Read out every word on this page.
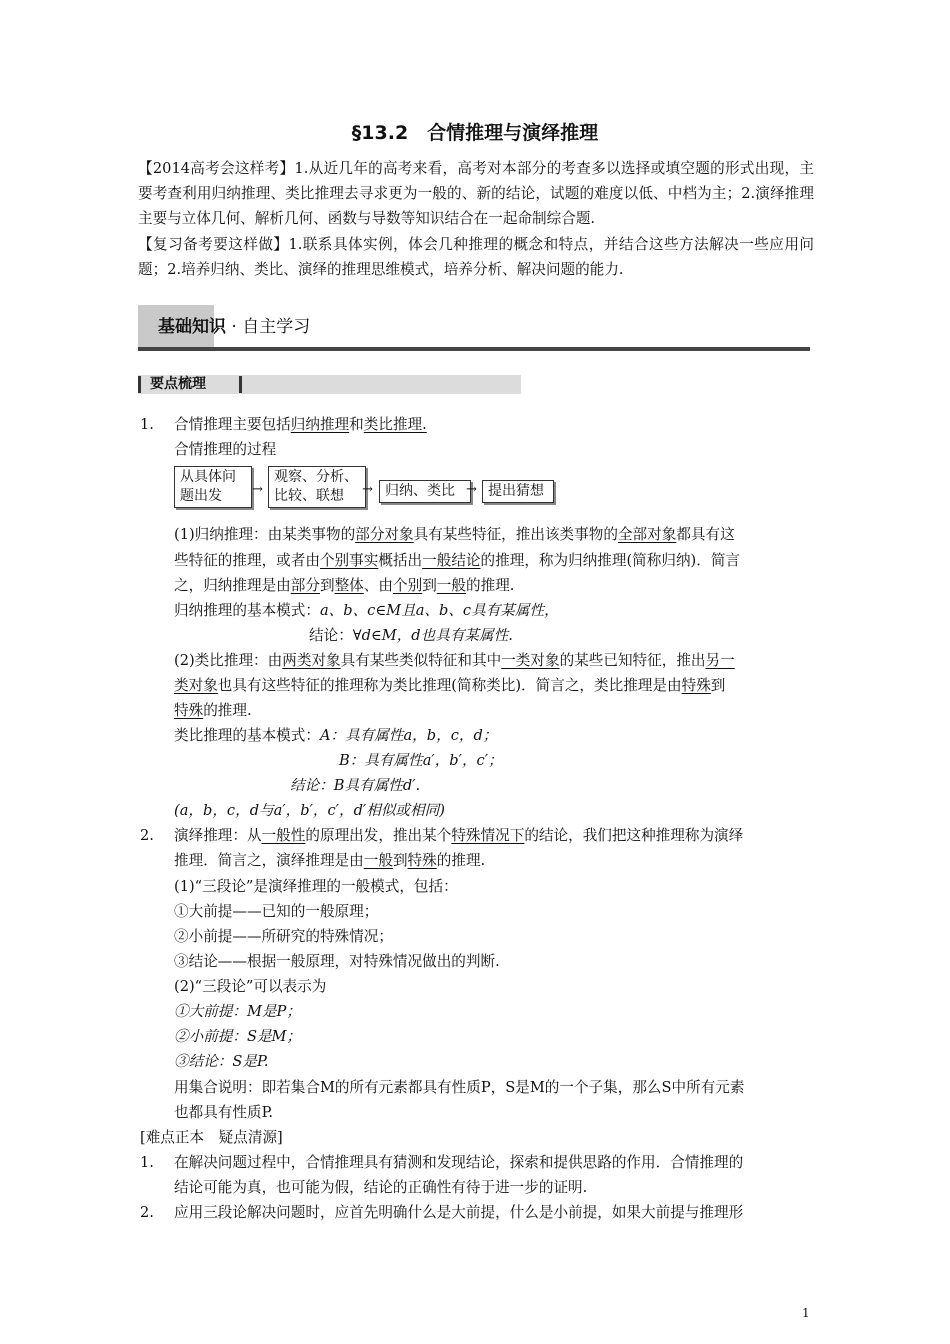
§13.2　合情推理与演绎推理
【2014高考会这样考】1.从近几年的高考来看，高考对本部分的考查多以选择或填空题的形式出现，主要考查利用归纳推理、类比推理去寻求更为一般的、新的结论，试题的难度以低、中档为主；2.演绎推理主要与立体几何、解析几何、函数与导数等知识结合在一起命制综合题.
【复习备考要这样做】1.联系具体实例，体会几种推理的概念和特点，并结合这些方法解决一些应用问题；2.培养归纳、类比、演绎的推理思维模式，培养分析、解决问题的能力.
基础知识 · 自主学习
要点梳理
1. 合情推理主要包括归纳推理和类比推理.
合情推理的过程
从具体问
题出发	→
观察、分析、
比较、联想	→ 归纳、类比 → 提出猜想
(1)归纳推理：由某类事物的部分对象具有某些特征，推出该类事物的全部对象都具有这
些特征的推理，或者由个别事实概括出一般结论的推理，称为归纳推理(简称归纳)．简言
之，归纳推理是由部分到整体、由个别到一般的推理.
归纳推理的基本模式：a、b、c∈M且a、b、c具有某属性，
结论：∀d∈M，d也具有某属性.
(2)类比推理：由两类对象具有某些类似特征和其中一类对象的某些已知特征，推出另一
类对象也具有这些特征的推理称为类比推理(简称类比)．简言之，类比推理是由特殊到
特殊的推理.
类比推理的基本模式：A：具有属性a，b，c，d；
B：具有属性a′，b′，c′；
结论：B具有属性d′.
(a，b，c，d与a′，b′，c′，d′相似或相同)
2. 演绎推理：从一般性的原理出发，推出某个特殊情况下的结论，我们把这种推理称为演绎
推理．简言之，演绎推理是由一般到特殊的推理.
(1)“三段论”是演绎推理的一般模式，包括：
①大前提——已知的一般原理；
②小前提——所研究的特殊情况；
③结论——根据一般原理，对特殊情况做出的判断.
(2)“三段论”可以表示为
①大前提：M是P；
②小前提：S是M；
③结论：S是P.
用集合说明：即若集合M的所有元素都具有性质P，S是M的一个子集，那么S中所有元素
也都具有性质P.
[难点正本　疑点清源]
1. 在解决问题过程中，合情推理具有猜测和发现结论，探索和提供思路的作用．合情推理的
结论可能为真，也可能为假，结论的正确性有待于进一步的证明.
2. 应用三段论解决问题时，应首先明确什么是大前提，什么是小前提，如果大前提与推理形
1
